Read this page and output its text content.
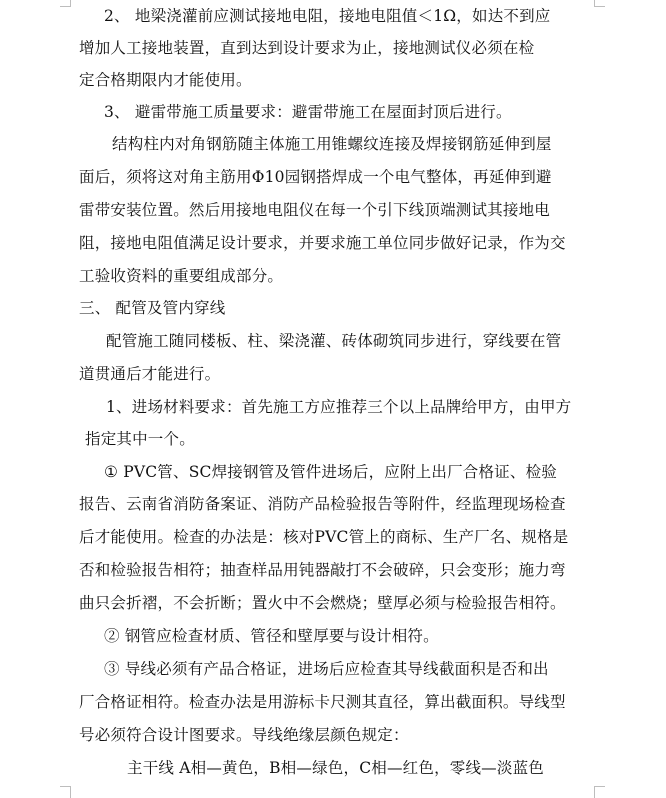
2、 地梁浇灌前应测试接地电阻，接地电阻值＜1Ω，如达不到应
增加人工接地装置，直到达到设计要求为止，接地测试仪必须在检
定合格期限内才能使用。
3、 避雷带施工质量要求：避雷带施工在屋面封顶后进行。
结构柱内对角钢筋随主体施工用锥螺纹连接及焊接钢筋延伸到屋
面后，须将这对角主筋用Φ10园钢搭焊成一个电气整体，再延伸到避
雷带安装位置。然后用接地电阻仪在每一个引下线顶端测试其接地电
阻，接地电阻值满足设计要求，并要求施工单位同步做好记录，作为交
工验收资料的重要组成部分。
三、 配管及管内穿线
配管施工随同楼板、柱、梁浇灌、砖体砌筑同步进行，穿线要在管
道贯通后才能进行。
1、进场材料要求：首先施工方应推荐三个以上品牌给甲方，由甲方
指定其中一个。
① PVC管、SC焊接钢管及管件进场后，应附上出厂合格证、检验
报告、云南省消防备案证、消防产品检验报告等附件，经监理现场检查
后才能使用。检查的办法是：核对PVC管上的商标、生产厂名、规格是
否和检验报告相符；抽查样品用钝器敲打不会破碎，只会变形；施力弯
曲只会折褶，不会折断；置火中不会燃烧；壁厚必须与检验报告相符。
② 钢管应检查材质、管径和壁厚要与设计相符。
③ 导线必须有产品合格证，进场后应检查其导线截面积是否和出
厂合格证相符。检查办法是用游标卡尺测其直径，算出截面积。导线型
号必须符合设计图要求。导线绝缘层颜色规定：
主干线 A相—黄色，B相—绿色，C相—红色，零线—淡蓝色
